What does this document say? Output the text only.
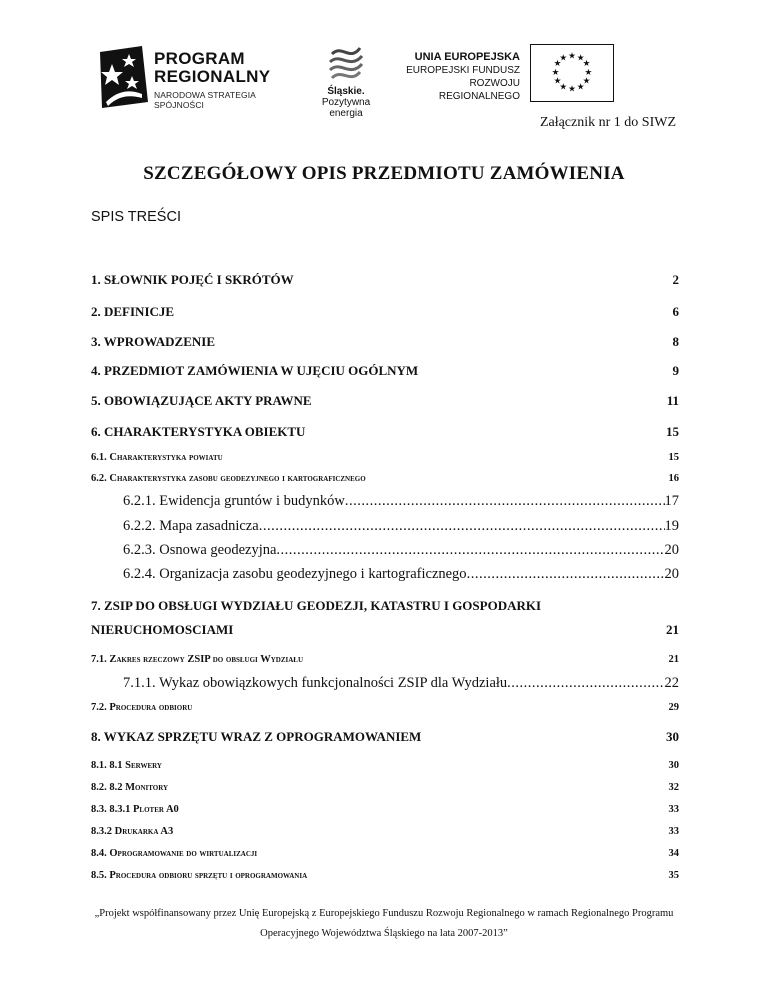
PROGRAM
REGIONALNY
NARODOWA STRATEGIA SPÓJNOŚCI
Śląskie.
Pozytywna energia
UNIA EUROPEJSKA
EUROPEJSKI FUNDUSZ
ROZWOJU REGIONALNEGO
★ ★
★
★
★
★
★
★
★
★
★
★
Załącznik nr 1 do SIWZ
SZCZEGÓŁOWY OPIS PRZEDMIOTU ZAMÓWIENIA
SPIS TREŚCI
1. SŁOWNIK POJĘĆ I SKRÓTÓW	2
2. DEFINICJE	6
3. WPROWADZENIE	8
4. PRZEDMIOT ZAMÓWIENIA W UJĘCIU OGÓLNYM	9
5. OBOWIĄZUJĄCE AKTY PRAWNE	11
6. CHARAKTERYSTYKA OBIEKTU	15
6.1. Charakterystyka powiatu	15
6.2. Charakterystyka zasobu geodezyjnego i kartograficznego	16
6.2.1. Ewidencja gruntów i budynków .....	17
6.2.2. Mapa zasadnicza .....	19
6.2.3. Osnowa geodezyjna .....	20
6.2.4. Organizacja zasobu geodezyjnego i kartograficznego .....	20
7. ZSIP DO OBSŁUGI WYDZIAŁU GEODEZJI, KATASTRU I GOSPODARKI
NIERUCHOMOSCIAMI	21
7.1. Zakres rzeczowy ZSIP do obsługi Wydziału	21
7.1.1. Wykaz obowiązkowych funkcjonalności ZSIP dla Wydziału .....	22
7.2. Procedura odbioru	29
8. WYKAZ SPRZĘTU WRAZ Z OPROGRAMOWANIEM	30
8.1. 8.1 Serwery	30
8.2. 8.2 Monitory	32
8.3. 8.3.1 Ploter A0	33
8.3.2 Drukarka A3	33
8.4. Oprogramowanie do wirtualizacji	34
8.5. Procedura odbioru sprzętu i oprogramowania	35
„Projekt współfinansowany przez Unię Europejską z Europejskiego Funduszu Rozwoju Regionalnego w ramach Regionalnego Programu
Operacyjnego Województwa Śląskiego na lata 2007-2013”
